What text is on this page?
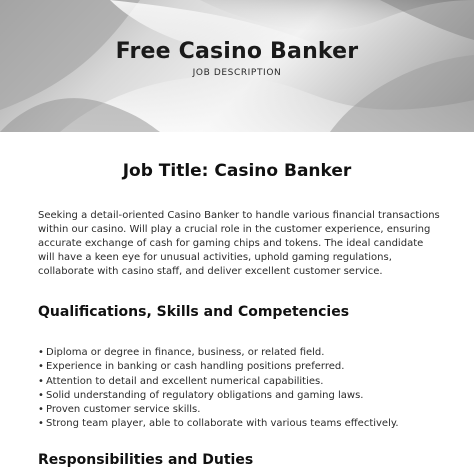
Free Casino Banker
JOB DESCRIPTION
Job Title: Casino Banker

Seeking a detail-oriented Casino Banker to handle various financial transactions within our casino. Will play a crucial role in the customer experience, ensuring accurate exchange of cash for gaming chips and tokens. The ideal candidate will have a keen eye for unusual activities, uphold gaming regulations, collaborate with casino staff, and deliver excellent customer service.

Qualifications, Skills and Competencies
• Diploma or degree in finance, business, or related field.
• Experience in banking or cash handling positions preferred.
• Attention to detail and excellent numerical capabilities.
• Solid understanding of regulatory obligations and gaming laws.
• Proven customer service skills.
• Strong team player, able to collaborate with various teams effectively.
Responsibilities and Duties
